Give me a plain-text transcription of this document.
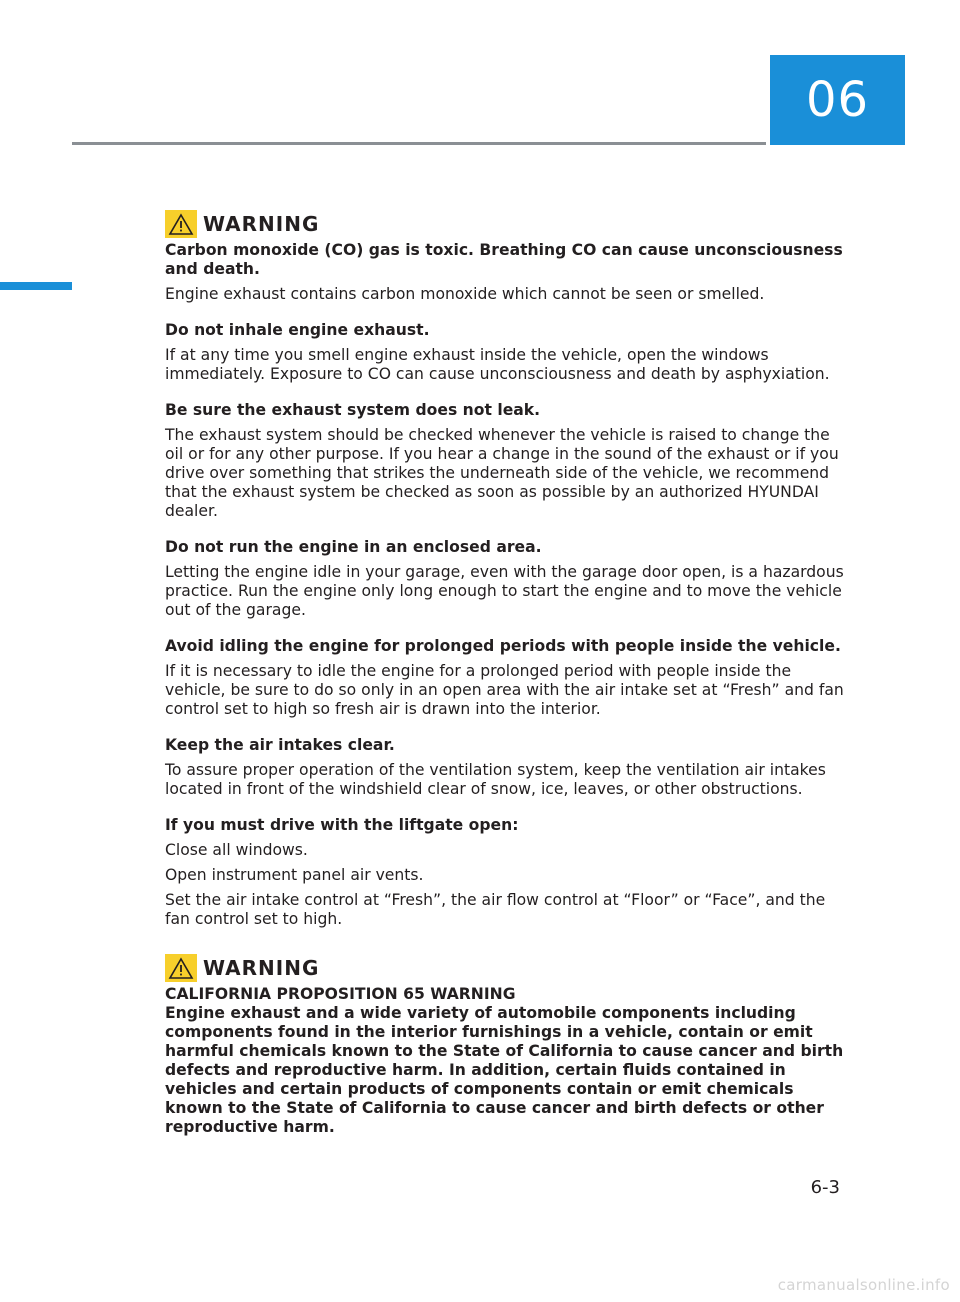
06
WARNING

Carbon monoxide (CO) gas is toxic. Breathing CO can cause unconsciousness and death.

Engine exhaust contains carbon monoxide which cannot be seen or smelled.

Do not inhale engine exhaust.

If at any time you smell engine exhaust inside the vehicle, open the windows immediately. Exposure to CO can cause unconsciousness and death by asphyxiation.

Be sure the exhaust system does not leak.

The exhaust system should be checked whenever the vehicle is raised to change the oil or for any other purpose. If you hear a change in the sound of the exhaust or if you drive over something that strikes the underneath side of the vehicle, we recommend that the exhaust system be checked as soon as possible by an authorized HYUNDAI dealer.

Do not run the engine in an enclosed area.

Letting the engine idle in your garage, even with the garage door open, is a hazardous practice. Run the engine only long enough to start the engine and to move the vehicle out of the garage.

Avoid idling the engine for prolonged periods with people inside the vehicle.

If it is necessary to idle the engine for a prolonged period with people inside the vehicle, be sure to do so only in an open area with the air intake set at “Fresh” and fan control set to high so fresh air is drawn into the interior.

Keep the air intakes clear.

To assure proper operation of the ventilation system, keep the ventilation air intakes located in front of the windshield clear of snow, ice, leaves, or other obstructions.

If you must drive with the liftgate open:

Close all windows.

Open instrument panel air vents.

Set the air intake control at “Fresh”, the air flow control at “Floor” or “Face”, and the fan control set to high.

WARNING

CALIFORNIA PROPOSITION 65 WARNING

Engine exhaust and a wide variety of automobile components including components found in the interior furnishings in a vehicle, contain or emit harmful chemicals known to the State of California to cause cancer and birth defects and reproductive harm. In addition, certain fluids contained in vehicles and certain products of components contain or emit chemicals known to the State of California to cause cancer and birth defects or other reproductive harm.

6-3
carmanualsonline.info
